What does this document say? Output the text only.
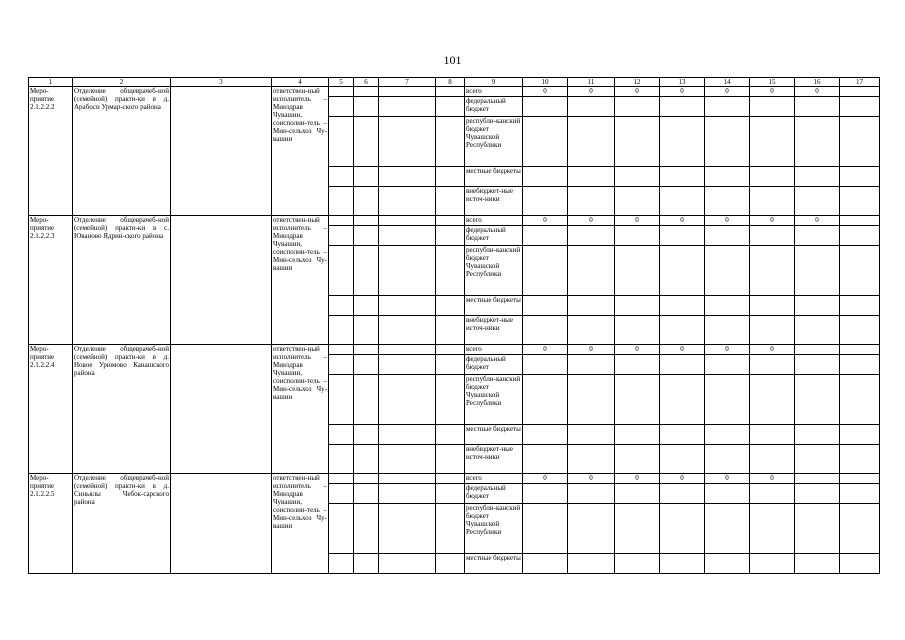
101
1	2	3	4	5	6	7	8	9	10	11	12	13	14	15	16	17
Меро-приятие 2.1.2.2.2	Отделение общеврачеб-ной (семейной) практи-ки в д. Арабоси Урмар-ского района		ответствен-ный исполнитель – Минздрав Чувашии, соисполни-тель – Мин-сельхоз Чу-вашии					всего	0	0	0	0	0	0	0	
								федеральный бюджет								
								республи-канский бюджет Чувашской Республики								
								местные бюджеты								
								внебюджет-ные источ-ники								
Меро-приятие 2.1.2.2.3	Отделение общеврачеб-ной (семейной) практи-ки в с. Юваново Ядрин-ского района		ответствен-ный исполнитель – Минздрав Чувашии, соисполни-тель – Мин-сельхоз Чу-вашии					всего	0	0	0	0	0	0	0	
								федеральный бюджет								
								республи-канский бюджет Чувашской Республики								
								местные бюджеты								
								внебюджет-ные источ-ники								
Меро-приятие 2.1.2.2.4	Отделение общеврачеб-ной (семейной) практи-ки в д. Новое Урюмово Канашского района		ответствен-ный исполнитель – Минздрав Чувашии, соисполни-тель – Мин-сельхоз Чу-вашии					всего	0	0	0	0	0	0		
								федеральный бюджет								
								республи-канский бюджет Чувашской Республики								
								местные бюджеты								
								внебюджет-ные источ-ники								
Меро-приятие 2.1.2.2.5	Отделение общеврачеб-ной (семейной) практи-ки в д. Синьялы Чебок-сарского района		ответствен-ный исполнитель – Минздрав Чувашии, соисполни-тель – Мин-сельхоз Чу-вашии					всего	0	0	0	0	0	0		
								федеральный бюджет								
								республи-канский бюджет Чувашской Республики								
								местные бюджеты								
